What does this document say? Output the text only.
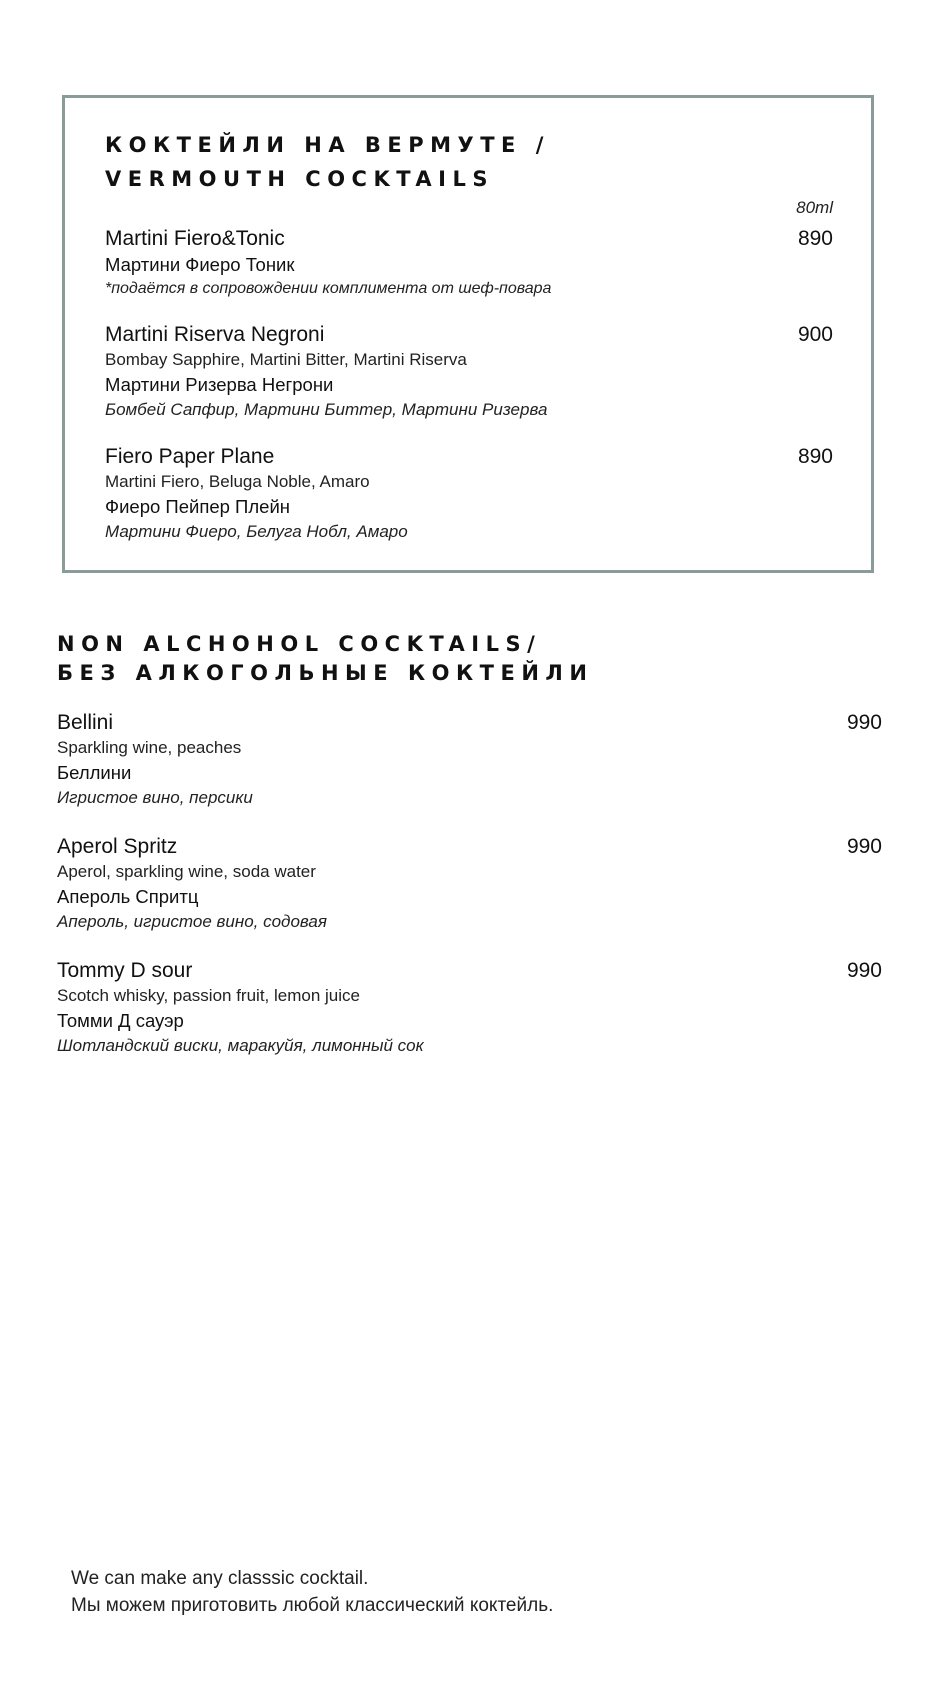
КОКТЕЙЛИ НА ВЕРМУТЕ /
VERMOUTH COCKTAILS
80ml
Martini Fiero&Tonic	890
Мартини Фиеро Тоник
*подаётся в сопровождении комплимента от шеф-повара
Martini Riserva Negroni	900
Bombay Sapphire, Martini Bitter, Martini Riserva
Мартини Ризерва Негрони
Бомбей Сапфир, Мартини Биттер, Мартини Ризерва
Fiero Paper Plane	890
Martini Fiero, Beluga Noble, Amaro
Фиеро Пейпер Плейн
Мартини Фиеро, Белуга Нобл, Амаро
NON ALCHOHOL COCKTAILS/
БЕЗ АЛКОГОЛЬНЫЕ КОКТЕЙЛИ
Bellini	990
Sparkling wine, peaches
Беллини
Игристое вино, персики
Aperol Spritz	990
Aperol, sparkling wine, soda water
Апероль Спритц
Апероль, игристое вино, содовая
Tommy D sour	990
Scotch whisky, passion fruit, lemon juice
Томми Д сауэр
Шотландский виски, маракуйя, лимонный сок
We can make any classsic cocktail.
Мы можем приготовить любой классический коктейль.
